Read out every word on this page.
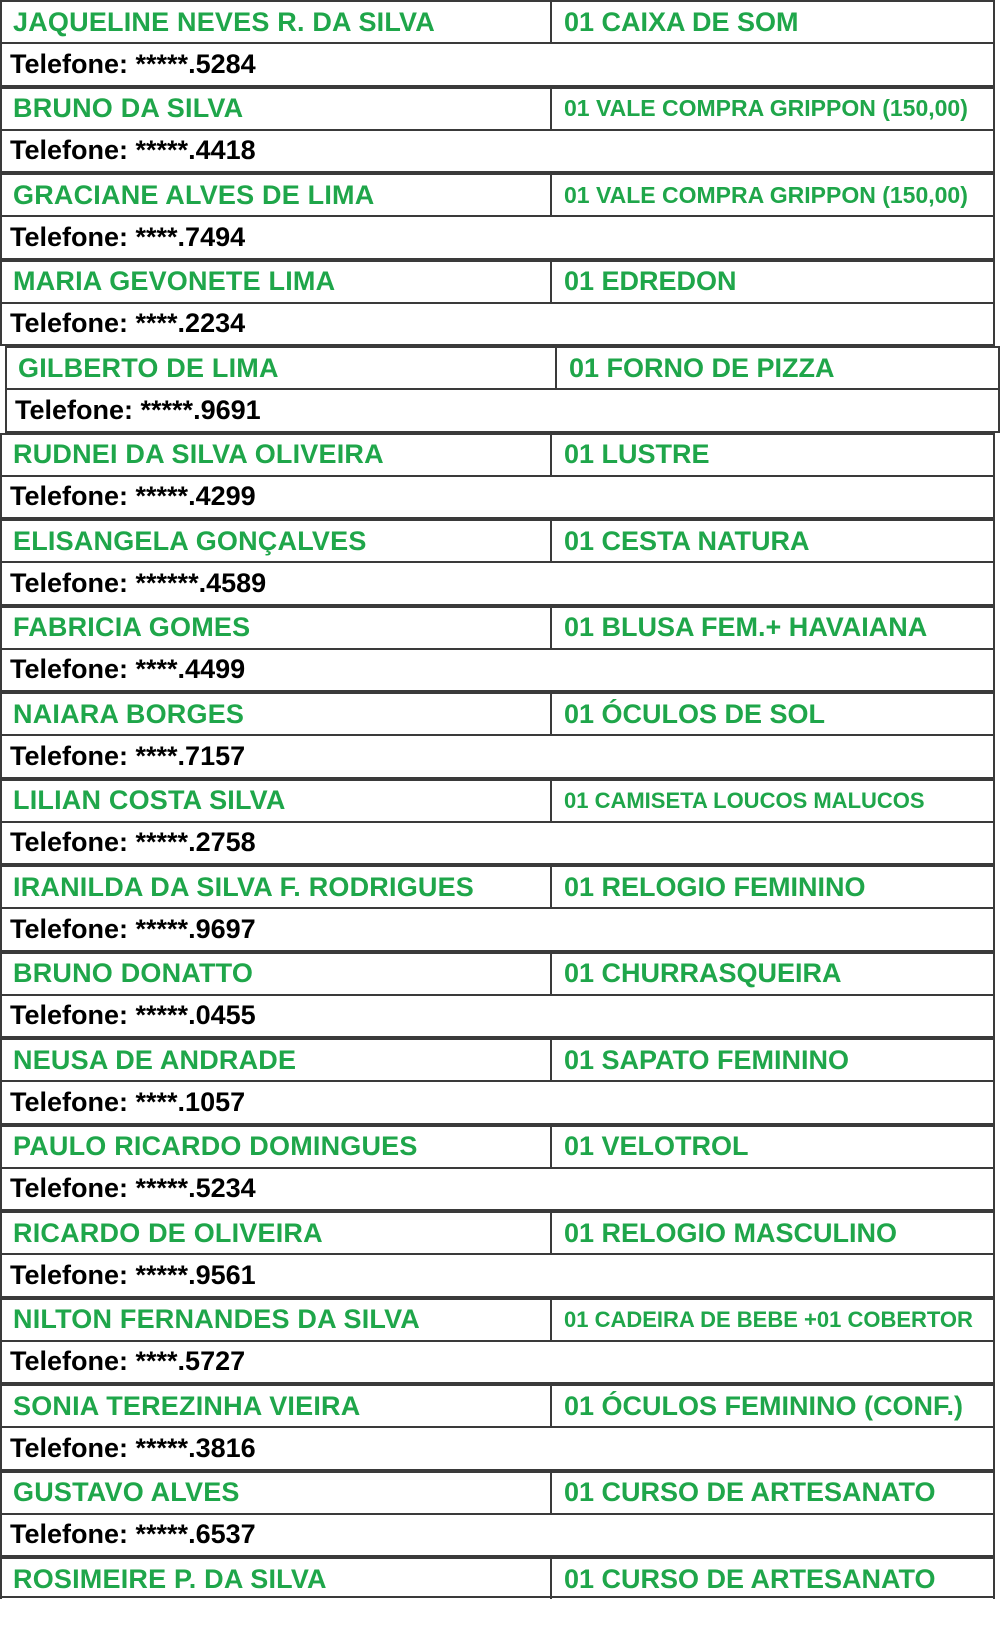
JAQUELINE NEVES R. DA SILVA	01 CAIXA DE SOM
Telefone:
*****.5284
BRUNO DA SILVA	01 VALE COMPRA GRIPPON (150,00)
Telefone:
*****.4418
GRACIANE ALVES DE LIMA	01 VALE COMPRA GRIPPON (150,00)
Telefone:
****.7494
MARIA GEVONETE LIMA	01 EDREDON
Telefone:
****.2234
GILBERTO DE LIMA	01 FORNO DE PIZZA
Telefone:
*****.9691
RUDNEI DA SILVA OLIVEIRA	01 LUSTRE
Telefone:
*****.4299
ELISANGELA GONÇALVES	01 CESTA NATURA
Telefone:
******.4589
FABRICIA GOMES	01 BLUSA FEM.+ HAVAIANA
Telefone:
****.4499
NAIARA BORGES	01 ÓCULOS DE SOL
Telefone:
****.7157
LILIAN COSTA SILVA	01 CAMISETA LOUCOS MALUCOS
Telefone:
*****.2758
IRANILDA DA SILVA F. RODRIGUES	01 RELOGIO FEMININO
Telefone:
*****.9697
BRUNO DONATTO	01 CHURRASQUEIRA
Telefone:
*****.0455
NEUSA DE ANDRADE	01 SAPATO FEMININO
Telefone:
****.1057
PAULO RICARDO DOMINGUES	01 VELOTROL
Telefone:
*****.5234
RICARDO DE OLIVEIRA	01 RELOGIO MASCULINO
Telefone:
*****.9561
NILTON FERNANDES DA SILVA	01 CADEIRA DE BEBE +01 COBERTOR
Telefone:
****.5727
SONIA TEREZINHA VIEIRA	01 ÓCULOS FEMININO (CONF.)
Telefone:
*****.3816
GUSTAVO ALVES	01 CURSO DE ARTESANATO
Telefone:
*****.6537
ROSIMEIRE P. DA SILVA	01 CURSO DE ARTESANATO
